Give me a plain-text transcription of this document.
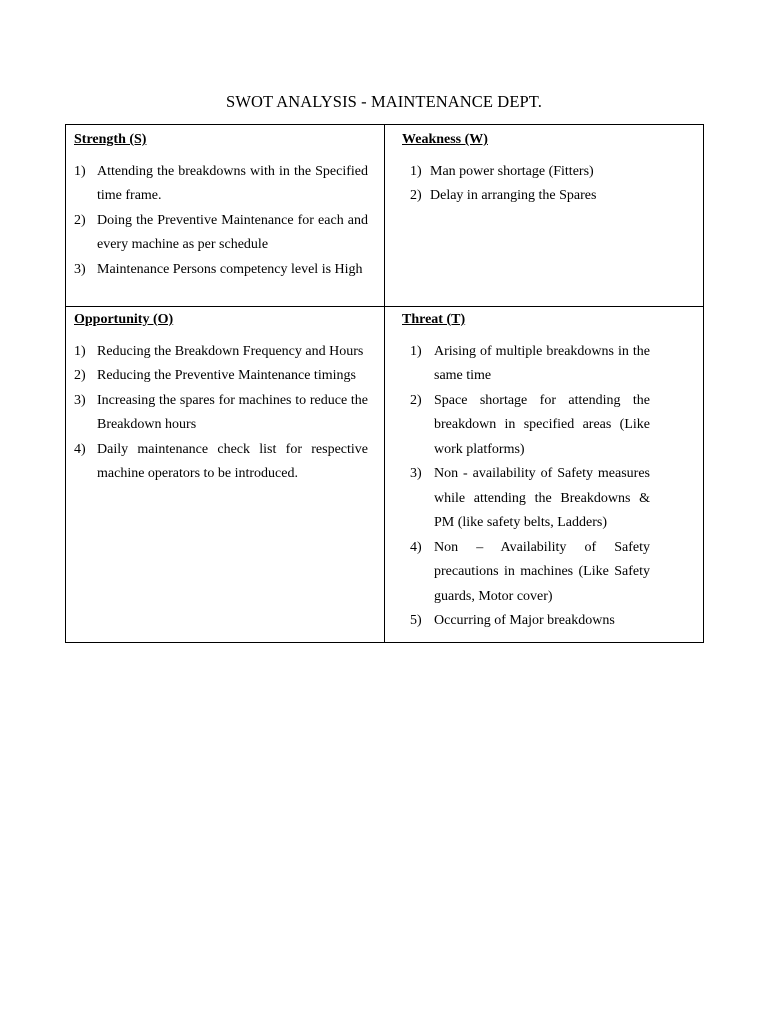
SWOT ANALYSIS - MAINTENANCE DEPT.
Strength (S)
1) Attending the breakdowns with in the Specified time frame.
2) Doing the Preventive Maintenance for each and every machine as per schedule
3) Maintenance Persons competency level is High
Weakness (W)
1) Man power shortage (Fitters)
2) Delay in arranging the Spares
Opportunity (O)
1) Reducing the Breakdown Frequency and Hours
2) Reducing the Preventive Maintenance timings
3) Increasing the spares for machines to reduce the Breakdown hours
4) Daily maintenance check list for respective machine operators to be introduced.
Threat (T)
1) Arising of multiple breakdowns in the same time
2) Space shortage for attending the breakdown in specified areas (Like work platforms)
3) Non - availability of Safety measures while attending the Breakdowns & PM (like safety belts, Ladders)
4) Non – Availability of Safety precautions in machines (Like Safety guards, Motor cover)
5) Occurring of Major breakdowns
